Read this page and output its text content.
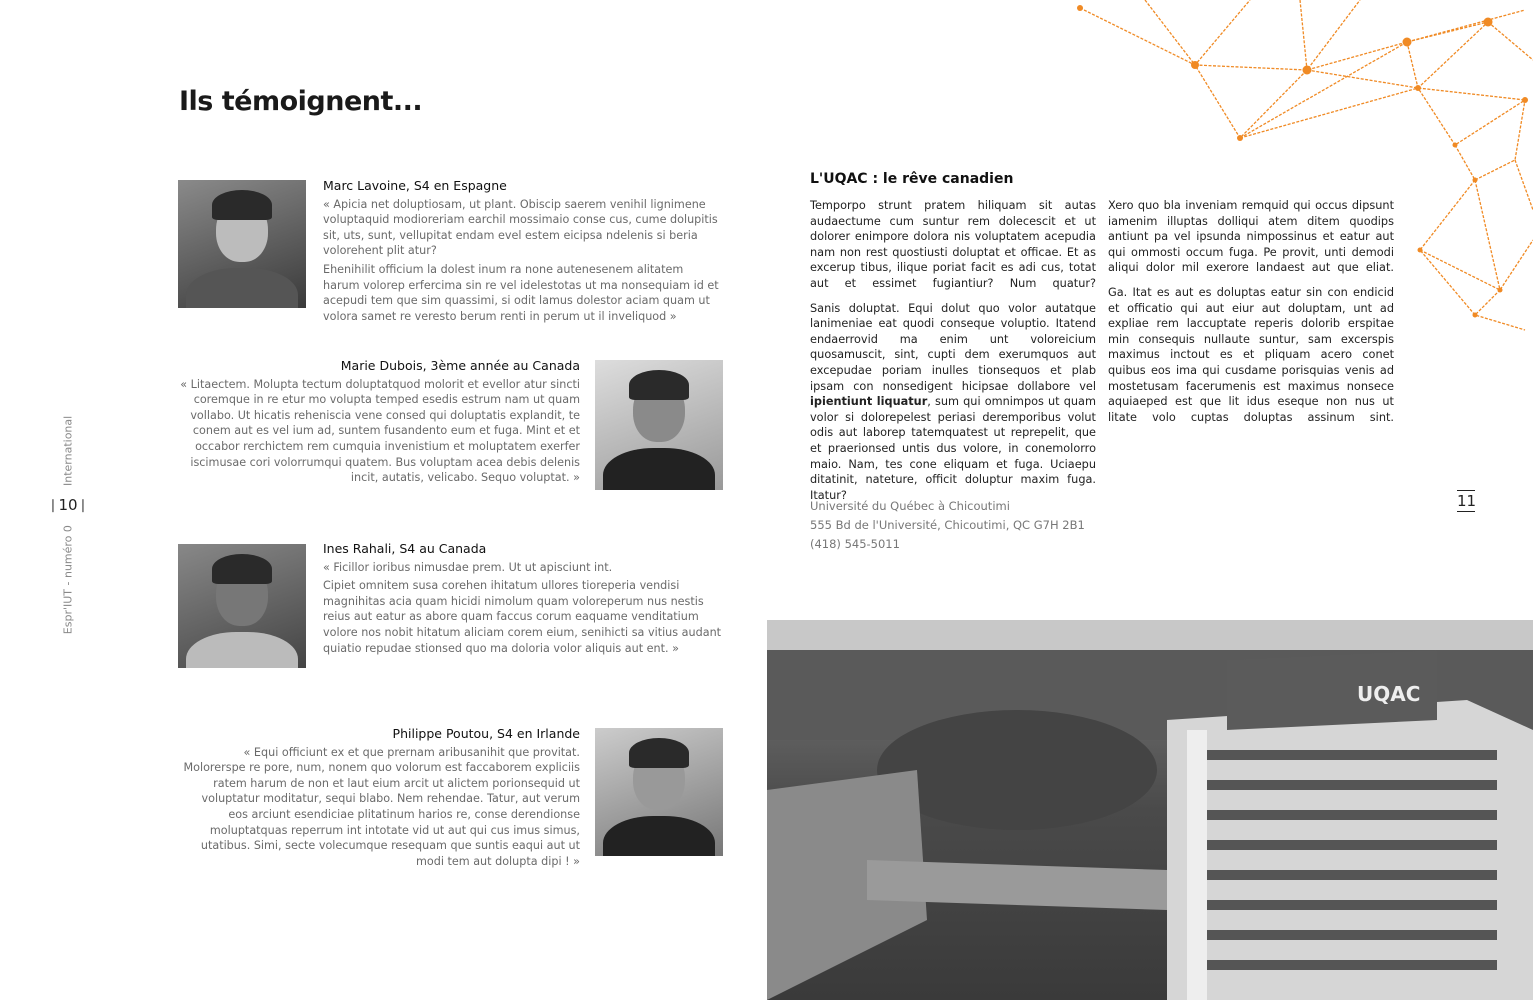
Ils témoignent...
Espr'IUT - numéro 0
10
International
Marc Lavoine, S4 en Espagne

« Apicia net doluptiosam, ut plant. Obiscip saerem venihil lignimene voluptaquid modioreriam earchil mossimaio conse cus, cume dolupitis sit, uts, sunt, vellupitat endam evel estem eicipsa ndelenis si beria volorehent plit atur?

Ehenihilit officium la dolest inum ra none autenesenem alitatem harum volorep erfercima sin re vel idelestotas ut ma nonsequiam id et acepudi tem que sim quassimi, si odit lamus dolestor aciam quam ut volora samet re veresto berum renti in perum ut il inveliquod »

Marie Dubois, 3ème année au Canada

« Litaectem. Molupta tectum doluptatquod molorit et evellor atur sincti coremque in re etur mo volupta temped esedis estrum nam ut quam vollabo. Ut hicatis reheniscia vene consed qui doluptatis explandit, te conem aut es vel ium ad, suntem fusandento eum et fuga. Mint et et occabor rerchictem rem cumquia invenistium et moluptatem exerfer iscimusae cori volorrumqui quatem. Bus voluptam acea debis delenis incit, autatis, velicabo. Sequo voluptat. »

Ines Rahali, S4 au Canada

« Ficillor ioribus nimusdae prem. Ut ut apisciunt int.

Cipiet omnitem susa corehen ihitatum ullores tioreperia vendisi magnihitas acia quam hicidi nimolum quam voloreperum nus nestis reius aut eatur as abore quam faccus corum eaquame venditatium volore nos nobit hitatum aliciam corem eium, senihicti sa vitius audant quiatio repudae stionsed quo ma doloria volor aliquis aut ent. »

Philippe Poutou, S4 en Irlande

« Equi officiunt ex et que prernam aribusanihit que provitat. Molorerspe re pore, num, nonem quo volorum est faccaborem expliciis ratem harum de non et laut eium arcit ut alictem porionsequid ut voluptatur moditatur, sequi blabo. Nem rehendae. Tatur, aut verum eos arciunt esendiciae plitatinum harios re, conse derendionse moluptatquas reperrum int intotate vid ut aut qui cus imus simus, utatibus. Simi, secte volecumque resequam que suntis eaqui aut ut modi tem aut dolupta dipi ! »

L'UQAC : le rêve canadien

Temporpo strunt pratem hiliquam sit autas audaectume cum suntur rem dolecescit et ut dolorer enimpore dolora nis voluptatem acepudia nam non rest quostiusti doluptat et officae. Et as excerup tibus, ilique poriat facit es adi cus, totat aut et essimet fugiantiur? Num quatur?

Sanis doluptat. Equi dolut quo volor autatque lanimeniae eat quodi conseque voluptio. Itatend endaerrovid ma enim unt voloreicium quosamuscit, sint, cupti dem exerumquos aut excepudae poriam inulles tionsequos et plab ipsam con nonsedigent hicipsae dollabore vel ipientiunt liquatur, sum qui omnimpos ut quam volor si dolorepelest periasi deremporibus volut odis aut laborep tatemquatest ut reprepelit, que et praerionsed untis dus volore, in conemolorro maio. Nam, tes cone eliquam et fuga. Uciaepu ditatinit, nateture, officit doluptur maxim fuga. Itatur?

Xero quo bla inveniam remquid qui occus dipsunt iamenim illuptas dolliqui atem ditem quodips antiunt pa vel ipsunda nimpossinus et eatur aut qui ommosti occum fuga. Pe provit, unti demodi aliqui dolor mil exerore landaest aut que eliat.

Ga. Itat es aut es doluptas eatur sin con endicid et officatio qui aut eiur aut doluptam, unt ad expliae rem laccuptate reperis dolorib erspitae min consequis nullaute suntur, sam excerspis maximus inctout es et pliquam acero conet quibus eos ima qui cusdame porisquias venis ad mostetusam facerumenis est maximus nonsece aquiaeped est que lit idus eseque non nus ut litate volo cuptas doluptas assinum sint.

Université du Québec à Chicoutimi
555 Bd de l'Université, Chicoutimi, QC G7H 2B1
(418) 545-5011
11
UQAC
